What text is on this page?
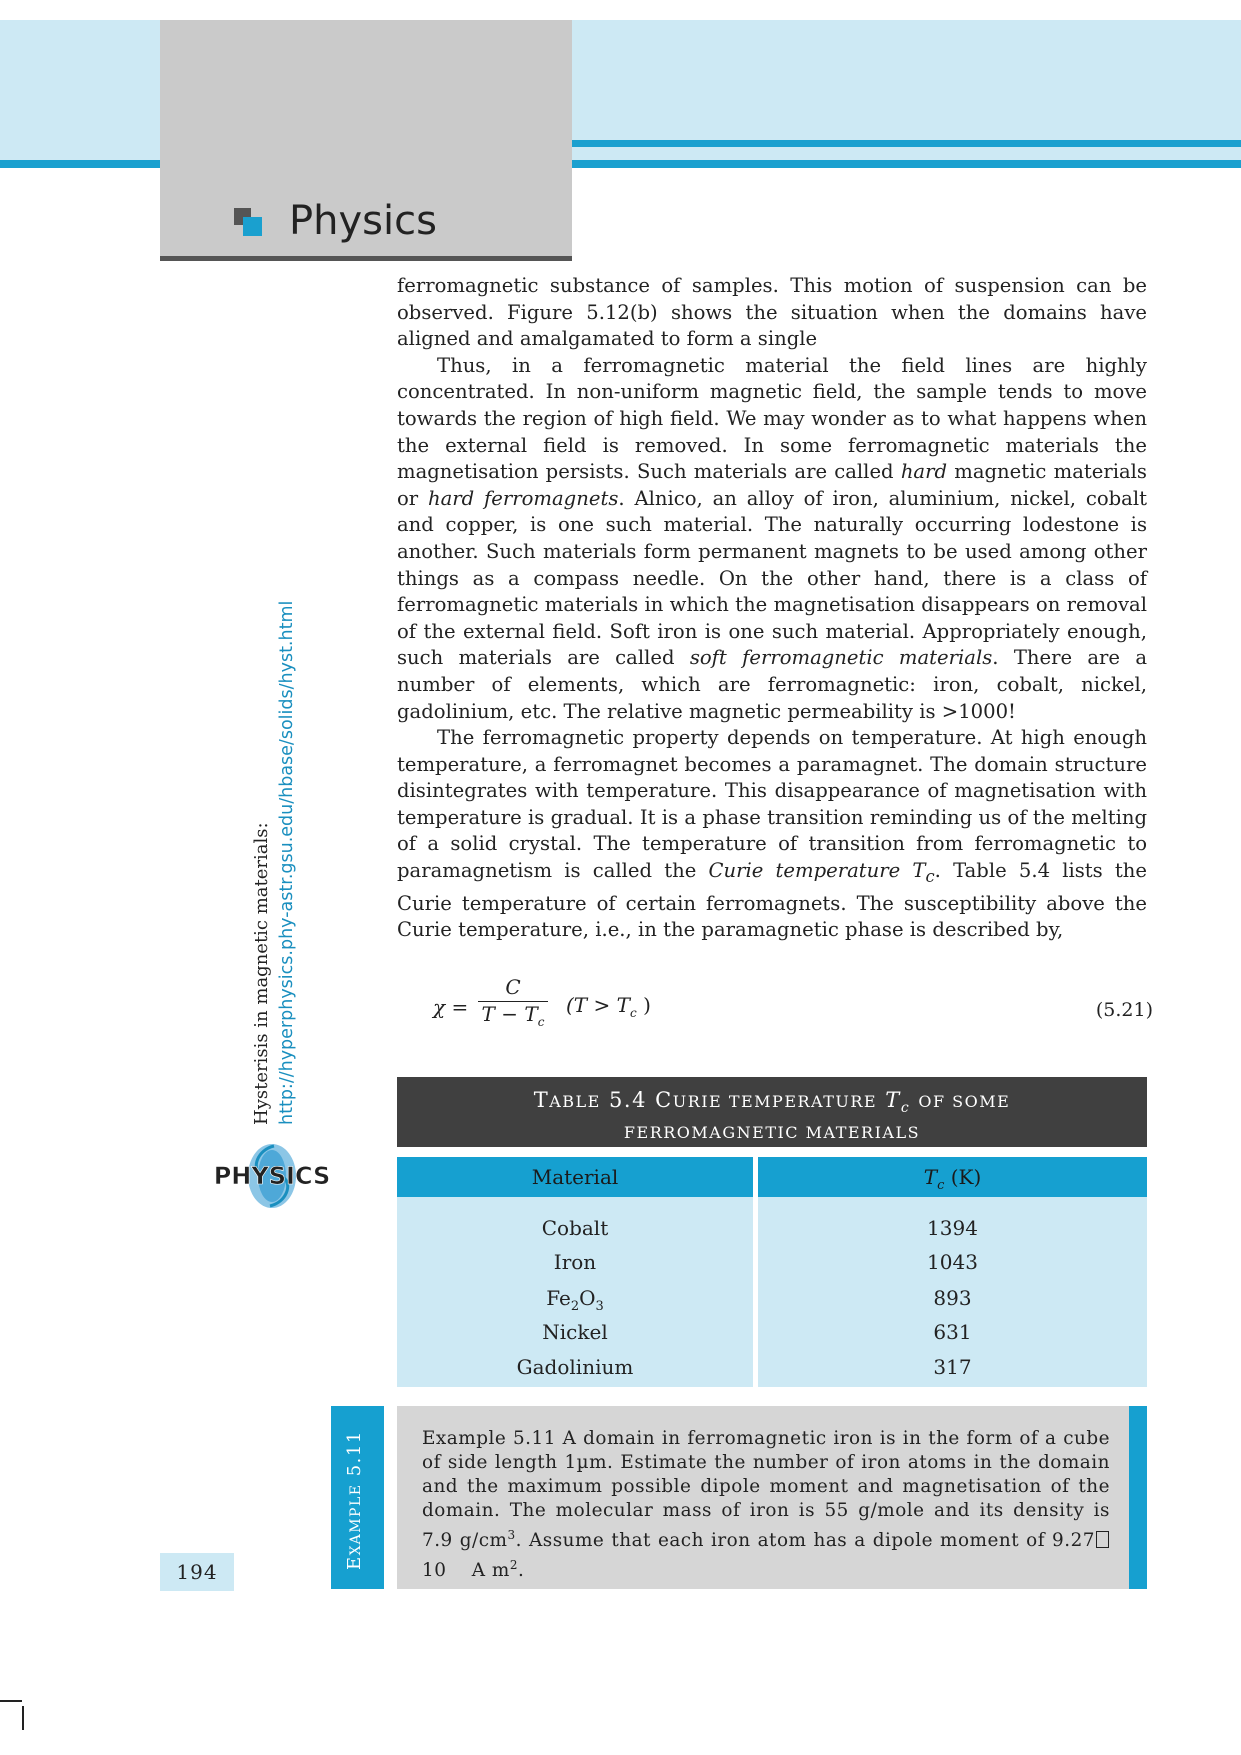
Physics

ferromagnetic substance of samples. This motion of suspension can be observed. Figure 5.12(b) shows the situation when the domains have aligned and amalgamated to form a single

Thus, in a ferromagnetic material the field lines are highly concentrated. In non-uniform magnetic field, the sample tends to move towards the region of high field. We may wonder as to what happens when the external field is removed. In some ferromagnetic materials the magnetisation persists. Such materials are called hard magnetic materials or hard ferromagnets. Alnico, an alloy of iron, aluminium, nickel, cobalt and copper, is one such material. The naturally occurring lodestone is another. Such materials form permanent magnets to be used among other things as a compass needle. On the other hand, there is a class of ferromagnetic materials in which the magnetisation disappears on removal of the external field. Soft iron is one such material. Appropriately enough, such materials are called soft ferromagnetic materials. There are a number of elements, which are ferromagnetic: iron, cobalt, nickel, gadolinium, etc. The relative magnetic permeability is >1000!

The ferromagnetic property depends on temperature. At high enough temperature, a ferromagnet becomes a paramagnet. The domain structure disintegrates with temperature. This disappearance of magnetisation with temperature is gradual. It is a phase transition reminding us of the melting of a solid crystal. The temperature of transition from ferromagnetic to paramagnetism is called the Curie temperature $T_c$. Table 5.4 lists the Curie temperature of certain ferromagnets. The susceptibility above the Curie temperature, i.e., in the paramagnetic phase is described by,

$\chi = \frac{C}{T - T_c} (T > T_c$ )	(5.21)
TABLE 5.4 CURIE TEMPERATURE $T_c$ OF SOME
FERROMAGNETIC MATERIALS
Material	$T_c$ (K)
Cobalt	1394
Iron	1043
$Fe_2O_3$	893
Nickel	631
Gadolinium	317
Hysterisis in magnetic materials: http://hyperphysics.phy-astr.gsu.edu/hbase/solids/hyst.html
PHYSICS
EXAMPLE 5.11	Example 5.11 A domain in ferromagnetic iron is in the form of a cube of side length 1µm. Estimate the number of iron atoms in the domain and the maximum possible dipole moment and magnetisation of the domain. The molecular mass of iron is 55 g/mole and its density is 7.9 $g/cm^3$. Assume that each iron atom has a dipole moment of 9.2710 A $m^2$.
194
